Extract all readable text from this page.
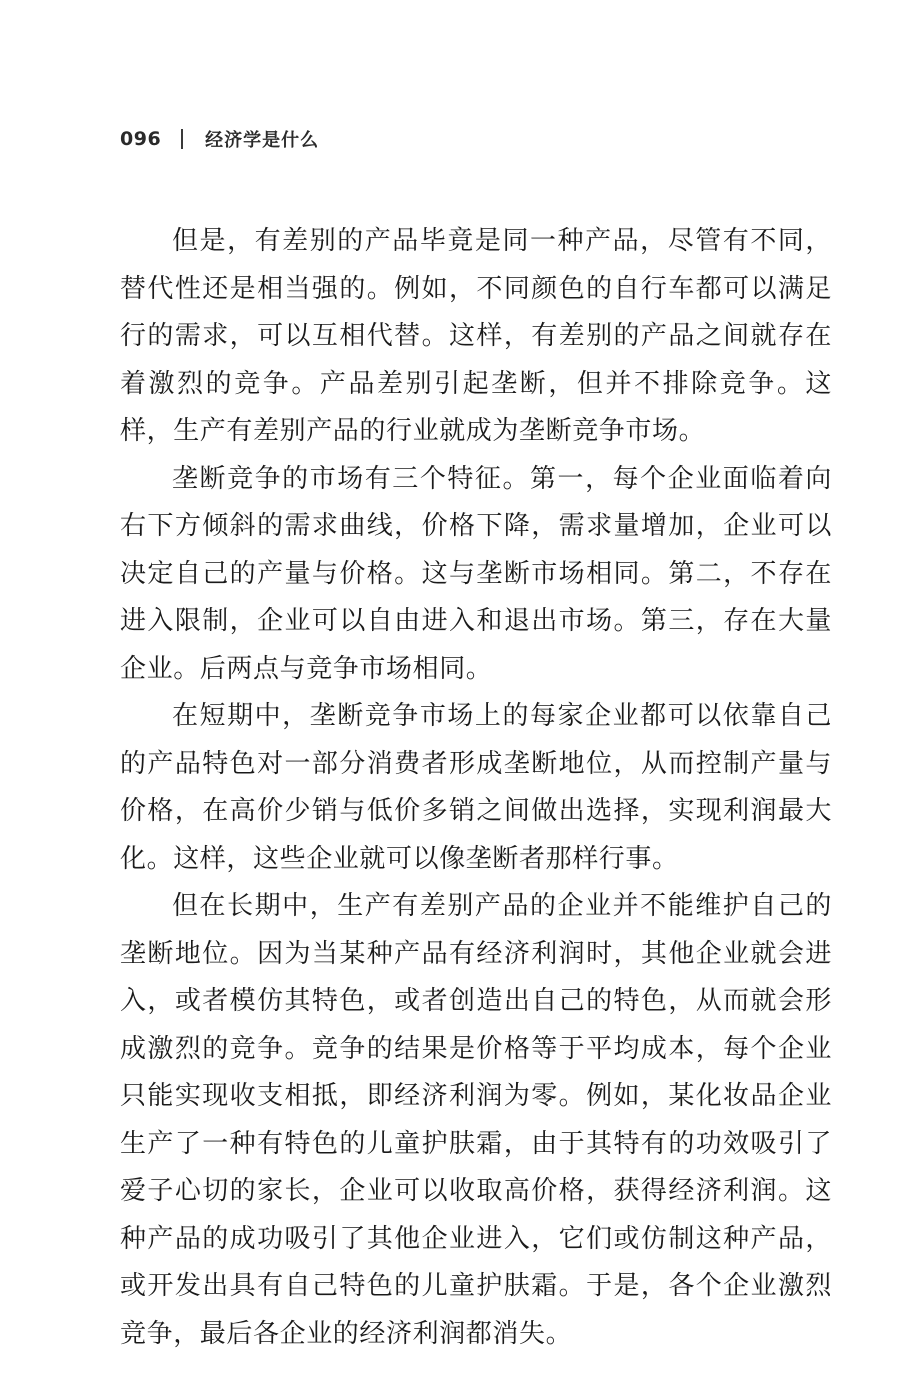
096 经济学是什么

但是，有差别的产品毕竟是同一种产品，尽管有不同，替代性还是相当强的。例如，不同颜色的自行车都可以满足行的需求，可以互相代替。这样，有差别的产品之间就存在着激烈的竞争。产品差别引起垄断，但并不排除竞争。这样，生产有差别产品的行业就成为垄断竞争市场。

垄断竞争的市场有三个特征。第一，每个企业面临着向右下方倾斜的需求曲线，价格下降，需求量增加，企业可以决定自己的产量与价格。这与垄断市场相同。第二，不存在进入限制，企业可以自由进入和退出市场。第三，存在大量企业。后两点与竞争市场相同。

在短期中，垄断竞争市场上的每家企业都可以依靠自己的产品特色对一部分消费者形成垄断地位，从而控制产量与价格，在高价少销与低价多销之间做出选择，实现利润最大化。这样，这些企业就可以像垄断者那样行事。

但在长期中，生产有差别产品的企业并不能维护自己的垄断地位。因为当某种产品有经济利润时，其他企业就会进入，或者模仿其特色，或者创造出自己的特色，从而就会形成激烈的竞争。竞争的结果是价格等于平均成本，每个企业只能实现收支相抵，即经济利润为零。例如，某化妆品企业生产了一种有特色的儿童护肤霜，由于其特有的功效吸引了爱子心切的家长，企业可以收取高价格，获得经济利润。这种产品的成功吸引了其他企业进入，它们或仿制这种产品，或开发出具有自己特色的儿童护肤霜。于是，各个企业激烈竞争，最后各企业的经济利润都消失。
